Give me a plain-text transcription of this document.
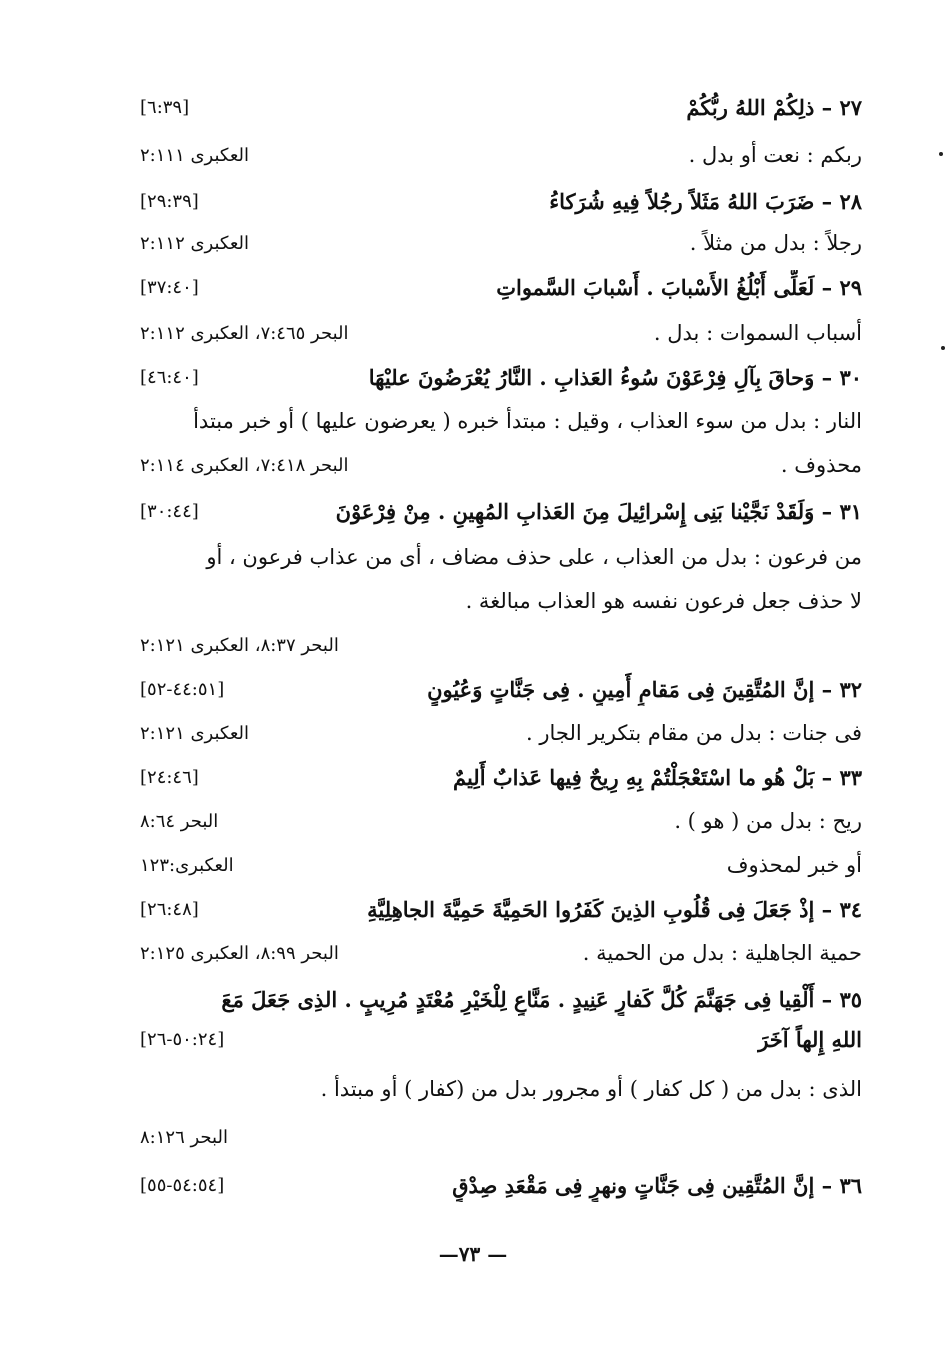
٢٧ – ذلِكُمْ اللهُ ربُّكُمْ
[٦:٣٩]
ربكم : نعت أو بدل .
العكبرى ٢:١١١
٢٨ – ضَرَبَ اللهُ مَثَلاً رجُلاً فِيهِ شُرَكاءُ
[٢٩:٣٩]
رجلاً : بدل من مثلاً .
العكبرى ٢:١١٢
٢٩ – لَعَلِّى أَبْلُغُ الأَسْبابَ . أَسْبابَ السَّمواتِ
[٣٧:٤٠]
أسباب السموات : بدل .
البحر ٧:٤٦٥، العكبرى ٢:١١٢
٣٠ – وَحاقَ بِآلِ فِرْعَوْنَ سُوءُ العَذابِ . النَّارُ يُعْرَضُونَ عليْهَا
[٤٦:٤٠]
النار : بدل من سوء العذاب ، وقيل : مبتدأ خبره ( يعرضون عليها ) أو خبر مبتدأ
محذوف .
البحر ٧:٤١٨، العكبرى ٢:١١٤
٣١ – وَلَقَدْ نَجَّيْنا بَنِى إِسْرائِيلَ مِنَ العَذابِ المُهِينِ . مِنْ فِرْعَوْنَ
[٣٠:٤٤]
من فرعون : بدل من العذاب ، على حذف مضاف ، أى من عذاب فرعون ، أو
لا حذف جعل فرعون نفسه هو العذاب مبالغة .
البحر ٨:٣٧، العكبرى ٢:١٢١
٣٢ – إنَّ المُتَّقِينَ فِى مَقامٍ أَمِينٍ . فِى جَنَّاتٍ وَعُيُونٍ
[٤٤:٥١-٥٢]
فى جنات : بدل من مقام بتكرير الجار .
العكبرى ٢:١٢١
٣٣ – بَلْ هُو ما اسْتَعْجَلْتُمْ بِهِ رِيحٌ فِيها عَذابٌ أَلِيمٌ
[٢٤:٤٦]
ريح : بدل من ( هو ) .
البحر ٨:٦٤
أو خبر لمحذوف
العكبرى:١٢٣
٣٤ – إذْ جَعَلَ فِى قُلُوبِ الذِينَ كَفَرُوا الحَمِيَّةَ حَمِيَّةَ الجاهِلِيَّةِ
[٢٦:٤٨]
حمية الجاهلية : بدل من الحمية .
البحر ٨:٩٩، العكبرى ٢:١٢٥
٣٥ – أَلْقِيا فِى جَهَنَّمَ كُلَّ كَفارٍ عَنِيدٍ . مَنَّاعٍ لِلْخَيْرِ مُعْتَدٍ مُرِيبٍ . الذِى جَعَلَ مَعَ
اللهِ إِلهاً آخَرَ
[٥٠:٢٤-٢٦]
الذى : بدل من ( كل كفار ) أو مجرور بدل من (كفار ) أو مبتدأ .
البحر ٨:١٢٦
٣٦ – إنَّ المُتَّقِين فِى جَنَّاتٍ ونهرٍ فِى مَقْعَدِ صِدْقٍ
[٥٤:٥٤-٥٥]
— ٧٣—
